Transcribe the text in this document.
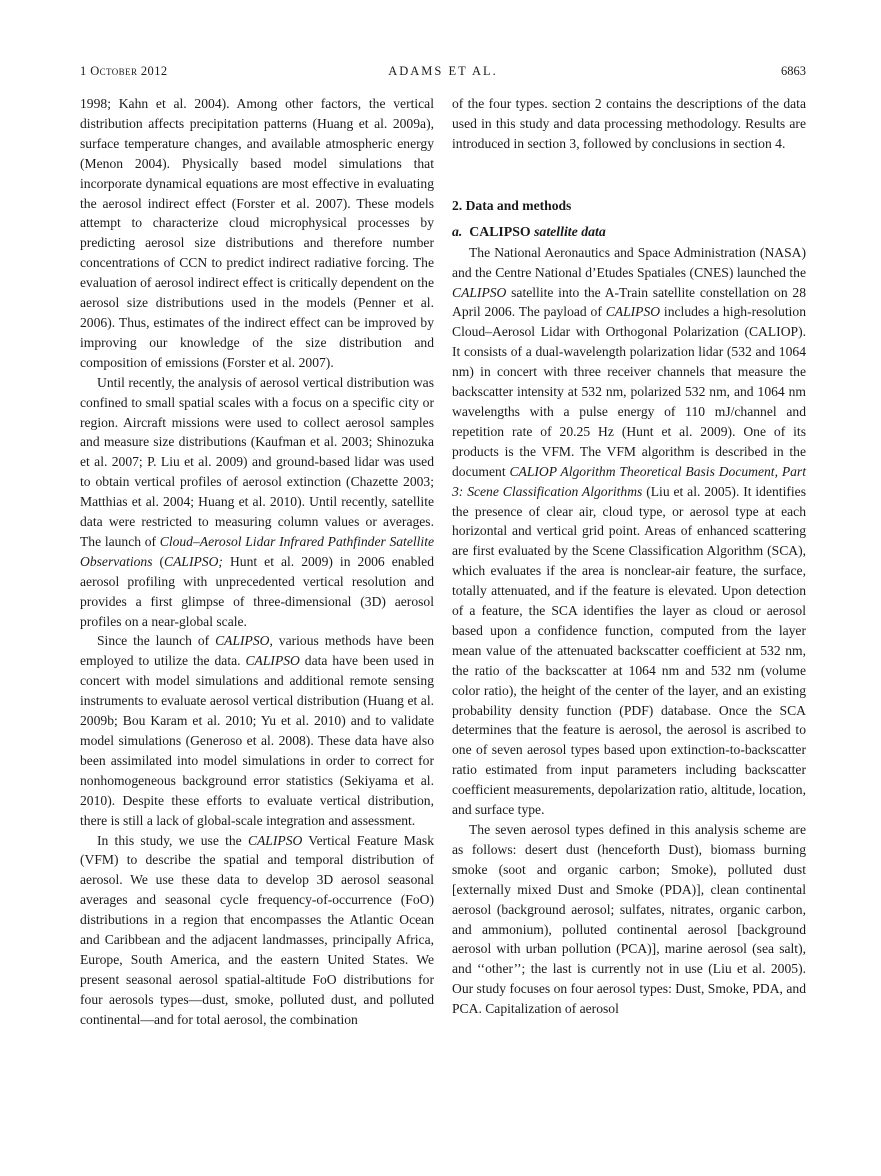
1 October 2012	ADAMS ET AL.	6863

1998; Kahn et al. 2004). Among other factors, the vertical distribution affects precipitation patterns (Huang et al. 2009a), surface temperature changes, and available atmospheric energy (Menon 2004). Physically based model simulations that incorporate dynamical equations are most effective in evaluating the aerosol indirect effect (Forster et al. 2007). These models attempt to characterize cloud microphysical processes by predicting aerosol size distributions and therefore number concentrations of CCN to predict indirect radiative forcing. The evaluation of aerosol indirect effect is critically dependent on the aerosol size distributions used in the models (Penner et al. 2006). Thus, estimates of the indirect effect can be improved by improving our knowledge of the size distribution and composition of emissions (Forster et al. 2007).

Until recently, the analysis of aerosol vertical distribution was confined to small spatial scales with a focus on a specific city or region. Aircraft missions were used to collect aerosol samples and measure size distributions (Kaufman et al. 2003; Shinozuka et al. 2007; P. Liu et al. 2009) and ground-based lidar was used to obtain vertical profiles of aerosol extinction (Chazette 2003; Matthias et al. 2004; Huang et al. 2010). Until recently, satellite data were restricted to measuring column values or averages. The launch of Cloud–Aerosol Lidar Infrared Pathfinder Satellite Observations (CALIPSO; Hunt et al. 2009) in 2006 enabled aerosol profiling with unprecedented vertical resolution and provides a first glimpse of three-dimensional (3D) aerosol profiles on a near-global scale.

Since the launch of CALIPSO, various methods have been employed to utilize the data. CALIPSO data have been used in concert with model simulations and additional remote sensing instruments to evaluate aerosol vertical distribution (Huang et al. 2009b; Bou Karam et al. 2010; Yu et al. 2010) and to validate model simulations (Generoso et al. 2008). These data have also been assimilated into model simulations in order to correct for nonhomogeneous background error statistics (Sekiyama et al. 2010). Despite these efforts to evaluate vertical distribution, there is still a lack of global-scale integration and assessment.

In this study, we use the CALIPSO Vertical Feature Mask (VFM) to describe the spatial and temporal distribution of aerosol. We use these data to develop 3D aerosol seasonal averages and seasonal cycle frequency-of-occurrence (FoO) distributions in a region that encompasses the Atlantic Ocean and Caribbean and the adjacent landmasses, principally Africa, Europe, South America, and the eastern United States. We present seasonal aerosol spatial-altitude FoO distributions for four aerosols types—dust, smoke, polluted dust, and polluted continental—and for total aerosol, the combination

of the four types. section 2 contains the descriptions of the data used in this study and data processing methodology. Results are introduced in section 3, followed by conclusions in section 4.

2. Data and methods
a. CALIPSO satellite data

The National Aeronautics and Space Administration (NASA) and the Centre National d’Etudes Spatiales (CNES) launched the CALIPSO satellite into the A-Train satellite constellation on 28 April 2006. The payload of CALIPSO includes a high-resolution Cloud–Aerosol Lidar with Orthogonal Polarization (CALIOP). It consists of a dual-wavelength polarization lidar (532 and 1064 nm) in concert with three receiver channels that measure the backscatter intensity at 532 nm, polarized 532 nm, and 1064 nm wavelengths with a pulse energy of 110 mJ/channel and repetition rate of 20.25 Hz (Hunt et al. 2009). One of its products is the VFM. The VFM algorithm is described in the document CALIOP Algorithm Theoretical Basis Document, Part 3: Scene Classification Algorithms (Liu et al. 2005). It identifies the presence of clear air, cloud type, or aerosol type at each horizontal and vertical grid point. Areas of enhanced scattering are first evaluated by the Scene Classification Algorithm (SCA), which evaluates if the area is nonclear-air feature, the surface, totally attenuated, and if the feature is elevated. Upon detection of a feature, the SCA identifies the layer as cloud or aerosol based upon a confidence function, computed from the layer mean value of the attenuated backscatter coefficient at 532 nm, the ratio of the backscatter at 1064 nm and 532 nm (volume color ratio), the height of the center of the layer, and an existing probability density function (PDF) database. Once the SCA determines that the feature is aerosol, the aerosol is ascribed to one of seven aerosol types based upon extinction-to-backscatter ratio estimated from input parameters including backscatter coefficient measurements, depolarization ratio, altitude, location, and surface type.

The seven aerosol types defined in this analysis scheme are as follows: desert dust (henceforth Dust), biomass burning smoke (soot and organic carbon; Smoke), polluted dust [externally mixed Dust and Smoke (PDA)], clean continental aerosol (background aerosol; sulfates, nitrates, organic carbon, and ammonium), polluted continental aerosol [background aerosol with urban pollution (PCA)], marine aerosol (sea salt), and ‘‘other’’; the last is currently not in use (Liu et al. 2005). Our study focuses on four aerosol types: Dust, Smoke, PDA, and PCA. Capitalization of aerosol
